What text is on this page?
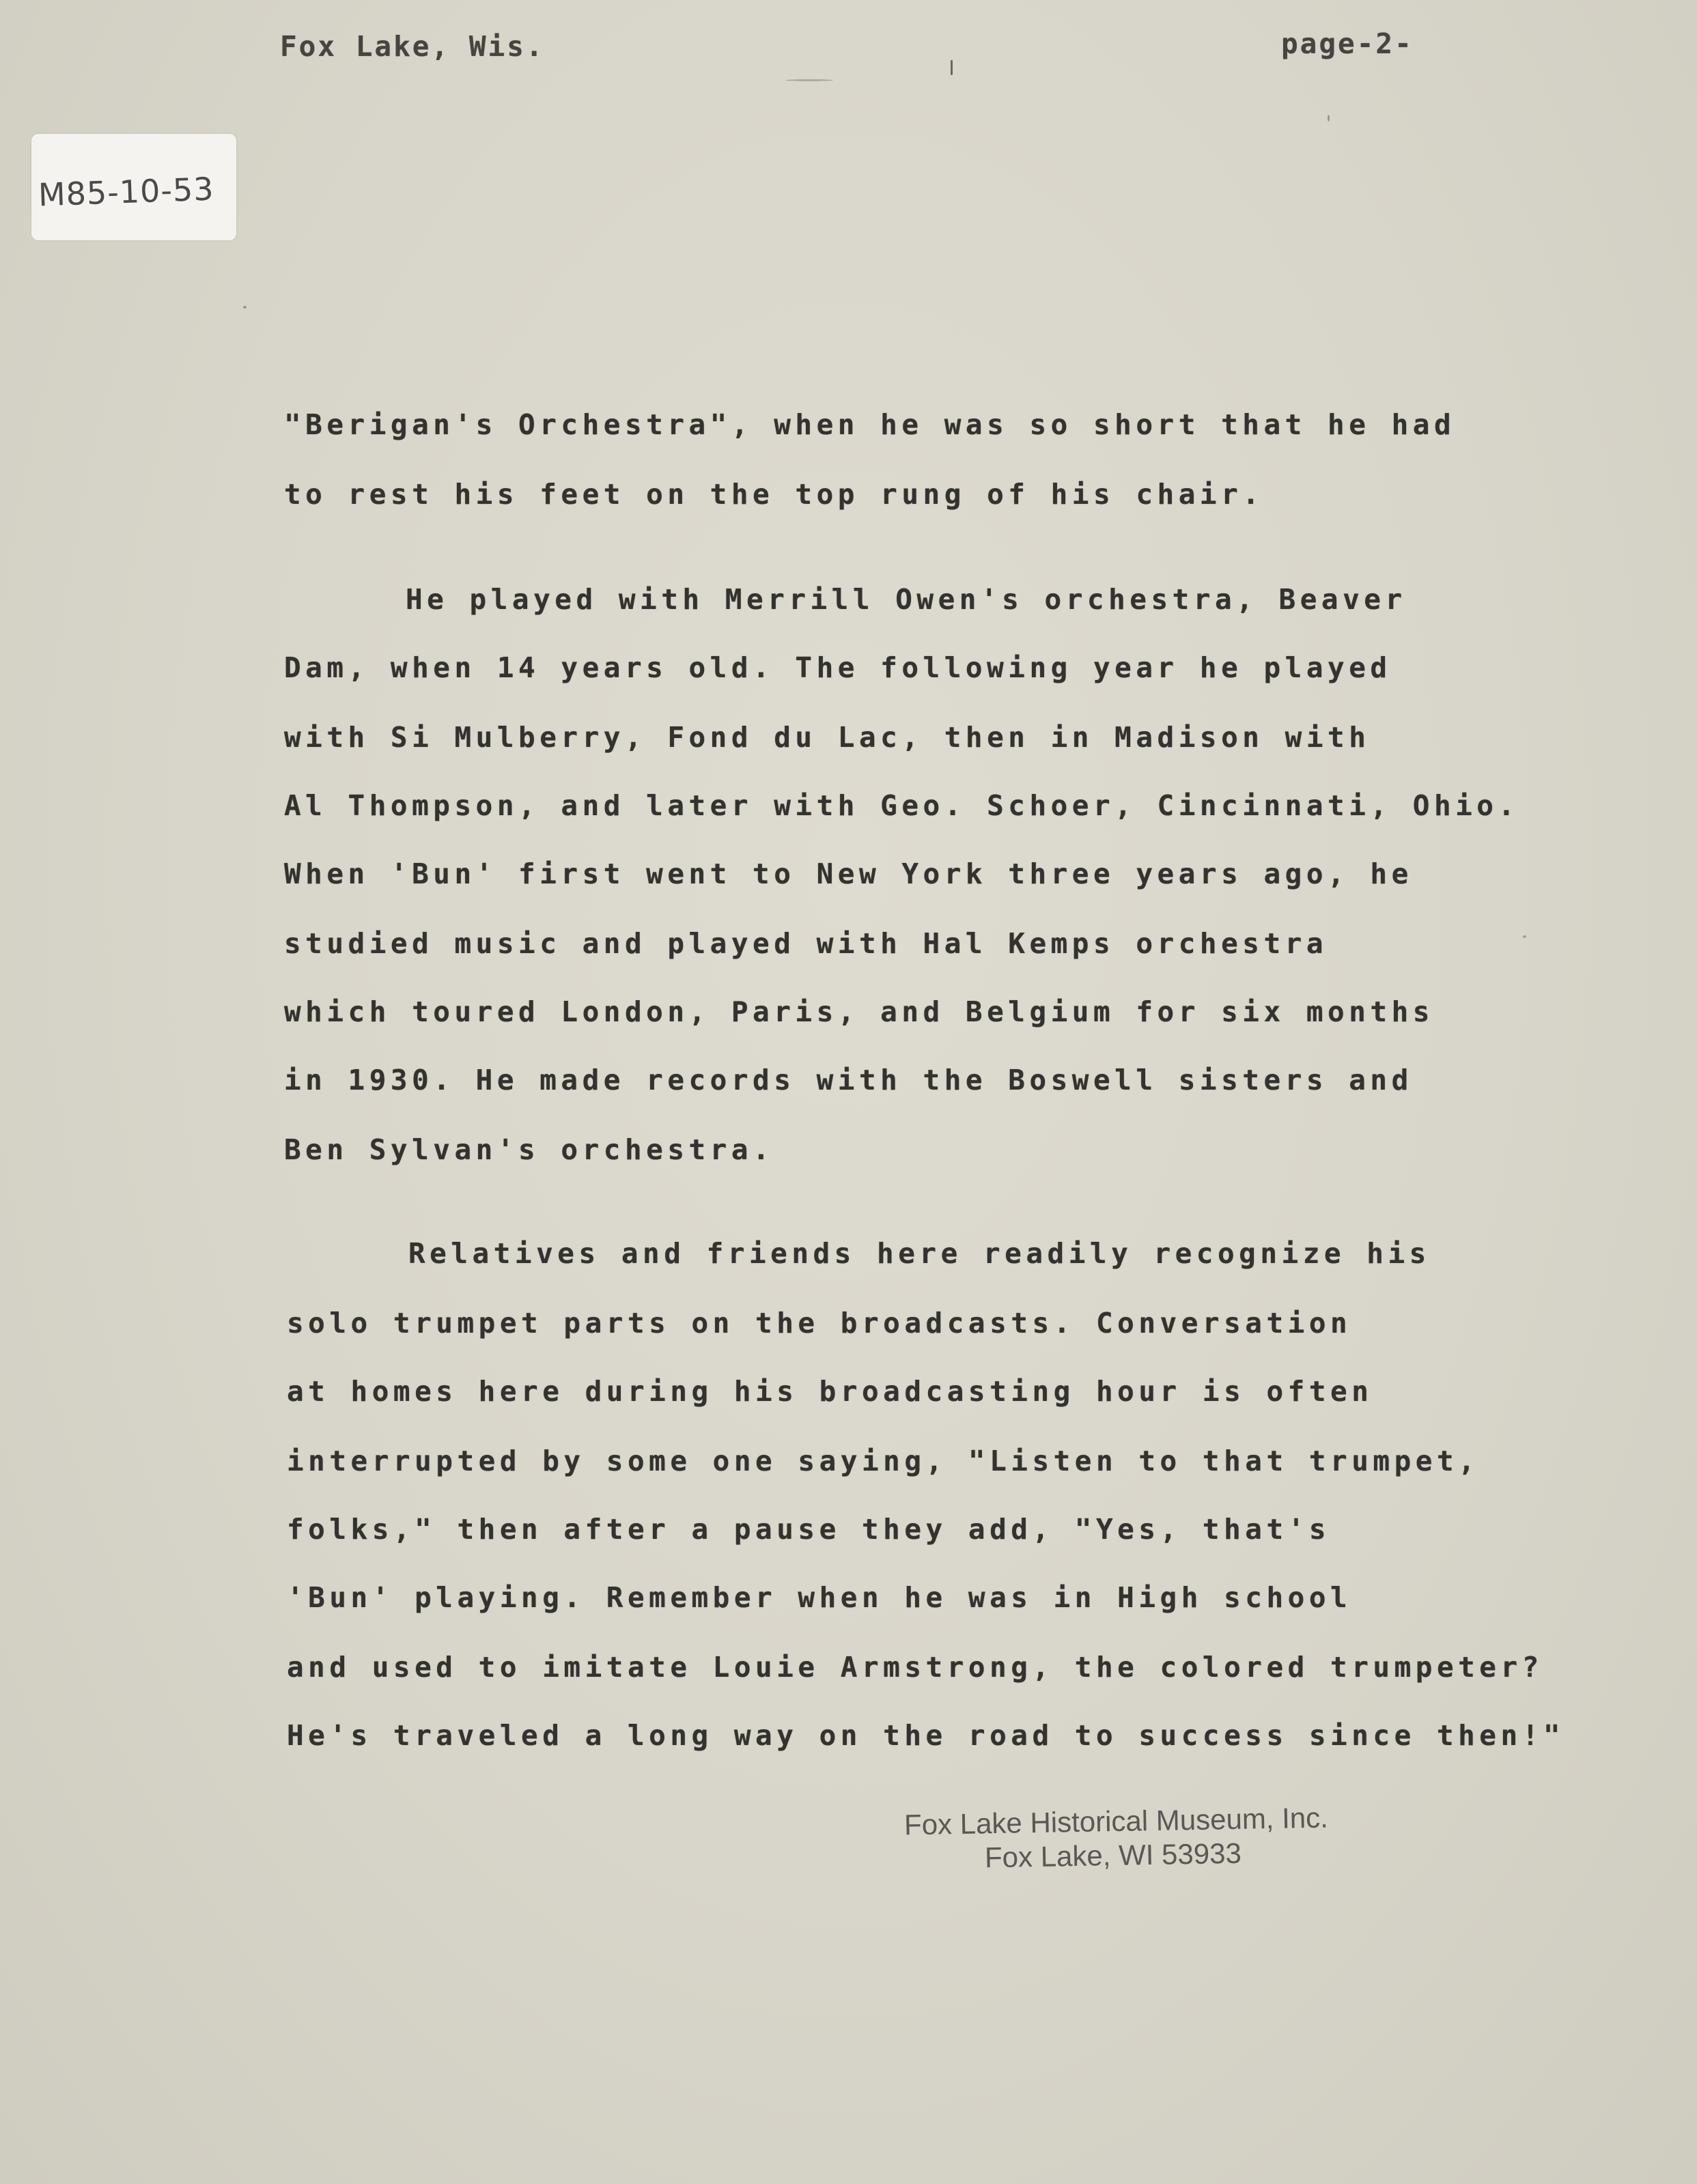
Fox Lake, Wis.	page-2-
M85-10-53
"Berigan's Orchestra", when he was so short that he had
to rest his feet on the top rung of his chair.
He played with Merrill Owen's orchestra, Beaver
Dam, when 14 years old. The following year he played
with Si Mulberry, Fond du Lac, then in Madison with
Al Thompson, and later with Geo. Schoer, Cincinnati, Ohio.
When 'Bun' first went to New York three years ago, he
studied music and played with Hal Kemps orchestra
which toured London, Paris, and Belgium for six months
in 1930. He made records with the Boswell sisters and
Ben Sylvan's orchestra.
Relatives and friends here readily recognize his
solo trumpet parts on the broadcasts. Conversation
at homes here during his broadcasting hour is often
interrupted by some one saying, "Listen to that trumpet,
folks," then after a pause they add, "Yes, that's
'Bun' playing. Remember when he was in High school
and used to imitate Louie Armstrong, the colored trumpeter?
He's traveled a long way on the road to success since then!"
Fox Lake Historical Museum, Inc.
Fox Lake, WI 53933
